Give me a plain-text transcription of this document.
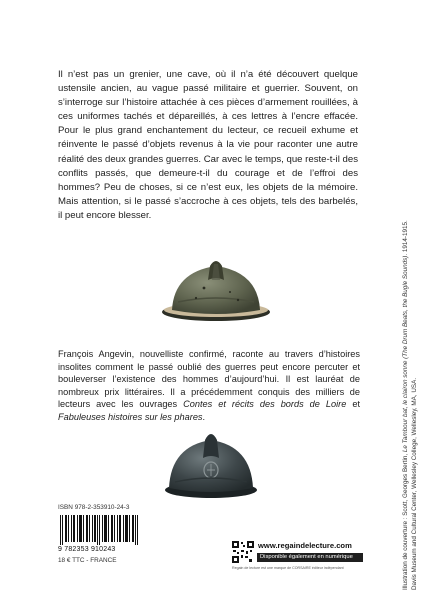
Il n’est pas un grenier, une cave, où il n’a été découvert quelque ustensile ancien, au vague passé militaire et guerrier. Souvent, on s’interroge sur l’histoire attachée à ces pièces d’armement rouillées, à ces uniformes tachés et dépareillés, à ces lettres à l’encre effacée. Pour le plus grand enchantement du lecteur, ce recueil exhume et réinvente le passé d’objets revenus à la vie pour raconter une autre réalité des deux grandes guerres. Car avec le temps, que reste-t-il des conflits passés, que demeure-t-il du courage et de l’effroi des hommes? Peu de choses, si ce n’est eux, les objets de la mémoire. Mais attention, si le passé s’accroche à ces objets, tels des barbelés, il peut encore blesser.

François Angevin, nouvelliste confirmé, raconte au travers d’histoires insolites comment le passé oublié des guerres peut encore percuter et bouleverser l’existence des hommes d’aujourd’hui. Il est lauréat de nombreux prix littéraires. Il a précédemment conquis des milliers de lecteurs avec les ouvrages Contes et récits des bords de Loire et Fabuleuses histoires sur les phares.

ISBN 978-2-353910-24-3

9 782353 910243

18 € TTC - FRANCE

www.regaindelecture.com
Disponible également en numérique
Regain de lecture est une marque de CORSAIRE éditeur indépendant	Illustration de couverture : Scott, Georges Bertin, Le Tambour bat, le clairon sonne (The Drum Beats, the Bugle Sounds). 1914-1915.
Davis Museum and Cultural Center, Wellesley College, Wellesley, MA, USA.
